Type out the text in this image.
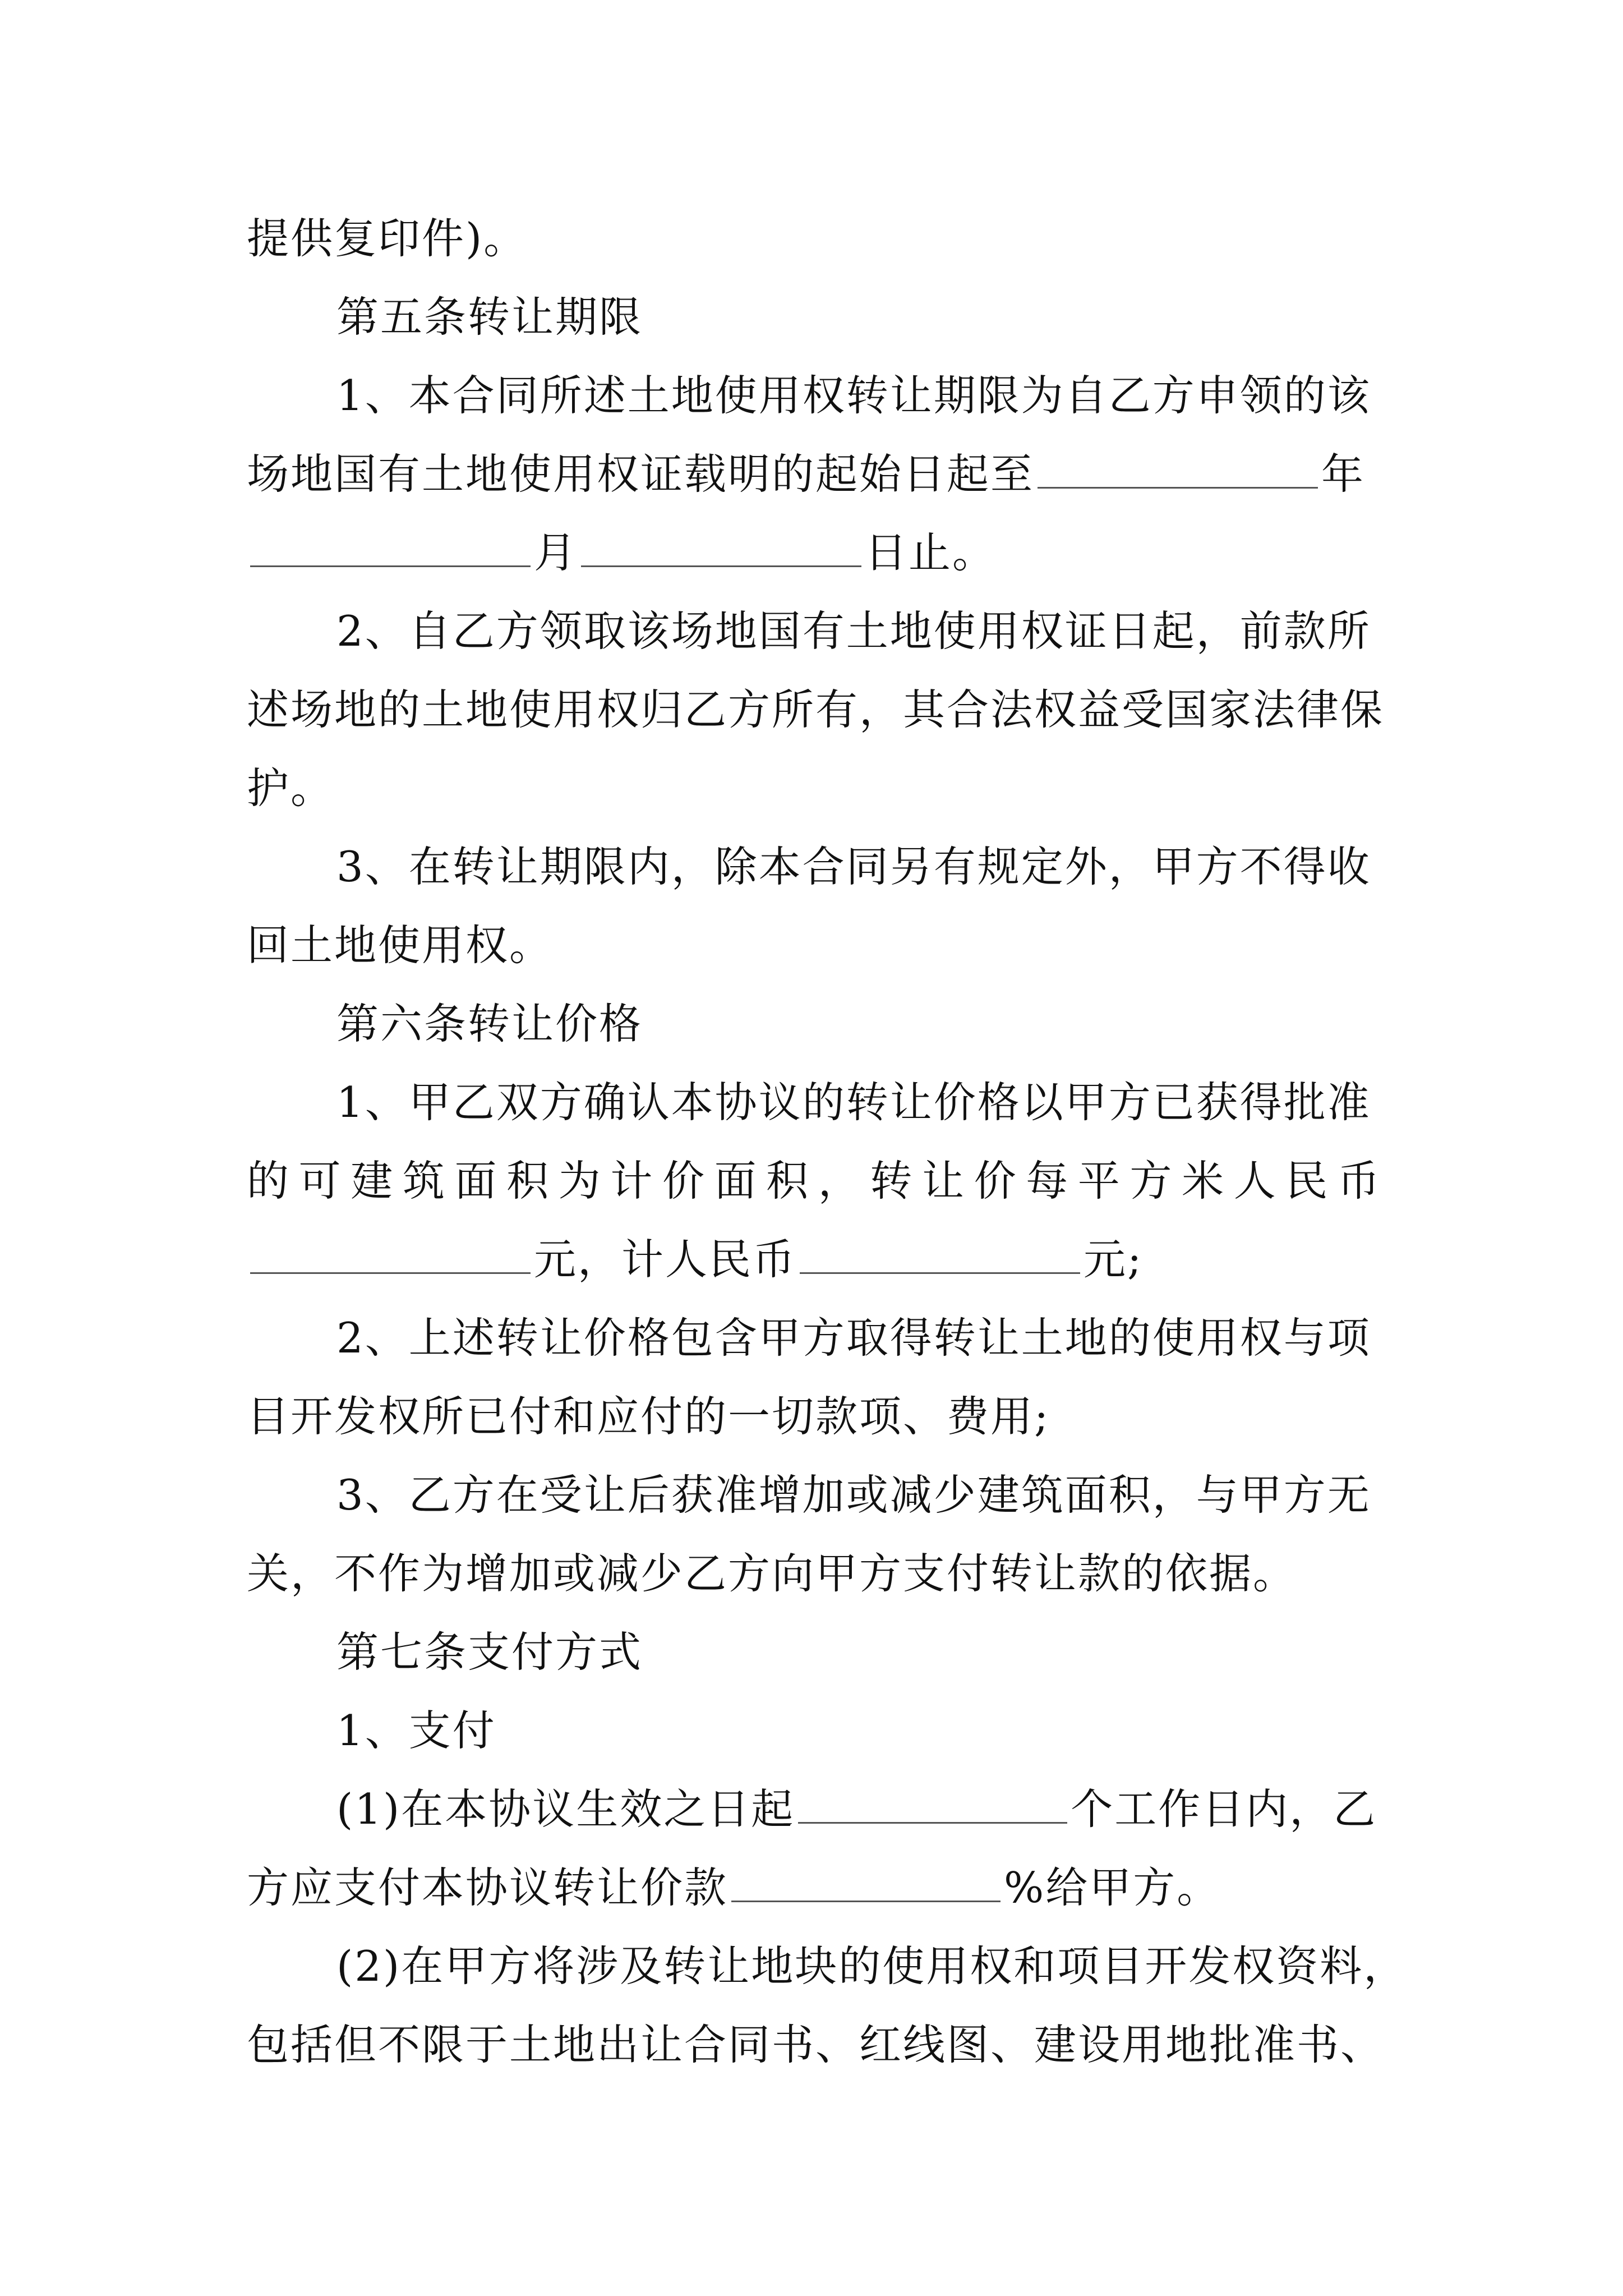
提供复印件)。
第五条转让期限
1、本合同所述土地使用权转让期限为自乙方申领的该
场地国有土地使用权证载明的起始日起至	年
月	日止。
2、自乙方领取该场地国有土地使用权证日起，前款所
述场地的土地使用权归乙方所有，其合法权益受国家法律保
护。
3、在转让期限内，除本合同另有规定外，甲方不得收
回土地使用权。
第六条转让价格
1、甲乙双方确认本协议的转让价格以甲方已获得批准
的可建筑面积为计价面积，转让价每平方米人民币
元，计人民币	元;
2、上述转让价格包含甲方取得转让土地的使用权与项
目开发权所已付和应付的一切款项、费用;
3、乙方在受让后获准增加或减少建筑面积，与甲方无
关，不作为增加或减少乙方向甲方支付转让款的依据。
第七条支付方式
1、支付
(1)在本协议生效之日起	个工作日内，乙
方应支付本协议转让价款	%给甲方。
(2)在甲方将涉及转让地块的使用权和项目开发权资料，
包括但不限于土地出让合同书、红线图、建设用地批准书、
